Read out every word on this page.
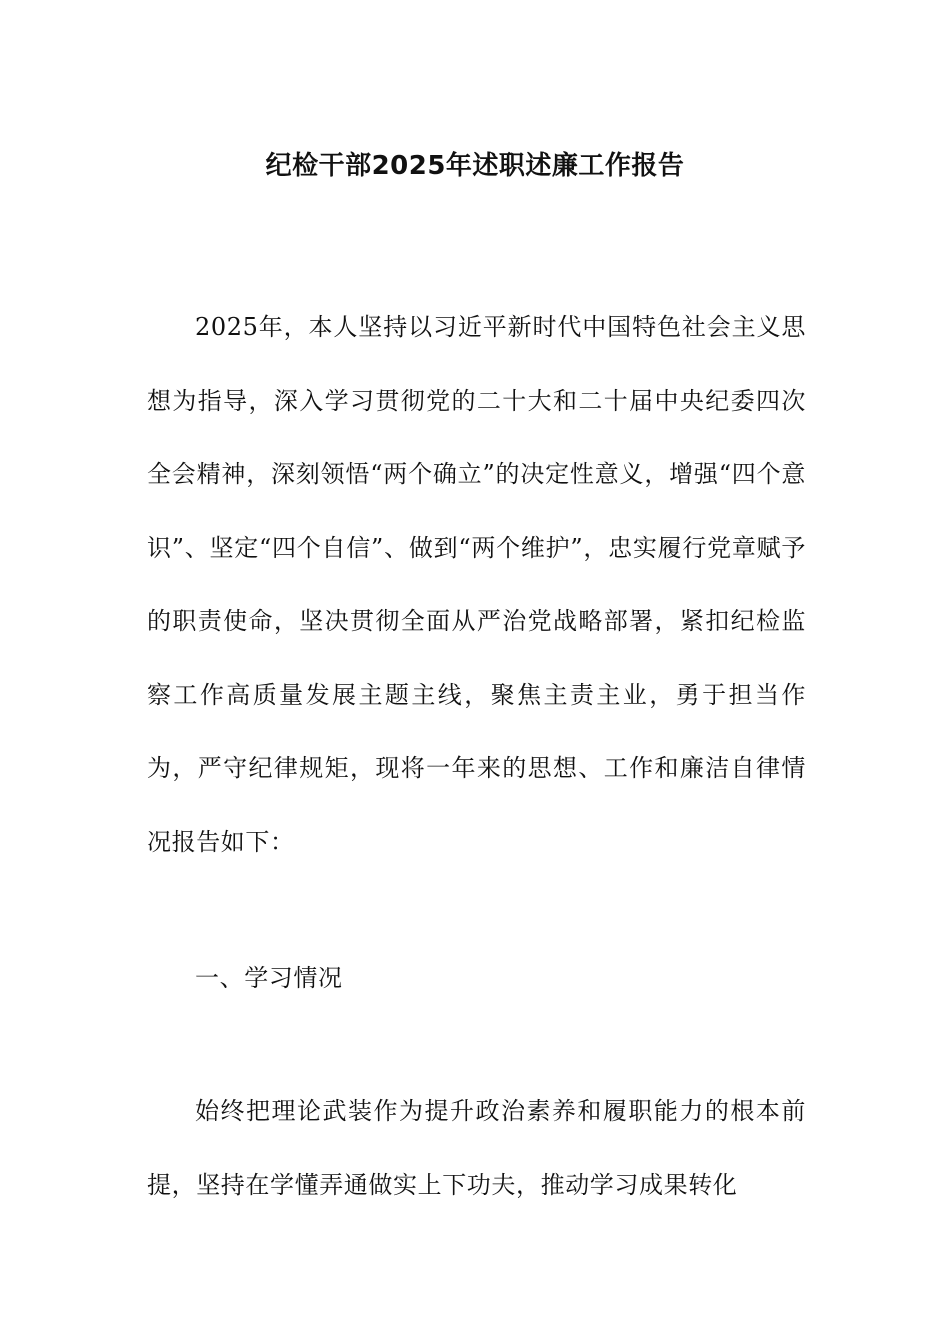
纪检干部2025年述职述廉工作报告

2025年，本人坚持以习近平新时代中国特色社会主义思想为指导，深入学习贯彻党的二十大和二十届中央纪委四次全会精神，深刻领悟“两个确立”的决定性意义，增强“四个意识”、坚定“四个自信”、做到“两个维护”，忠实履行党章赋予的职责使命，坚决贯彻全面从严治党战略部署，紧扣纪检监察工作高质量发展主题主线，聚焦主责主业，勇于担当作为，严守纪律规矩，现将一年来的思想、工作和廉洁自律情况报告如下：

一、学习情况

始终把理论武装作为提升政治素养和履职能力的根本前提，坚持在学懂弄通做实上下功夫，推动学习成果转化
